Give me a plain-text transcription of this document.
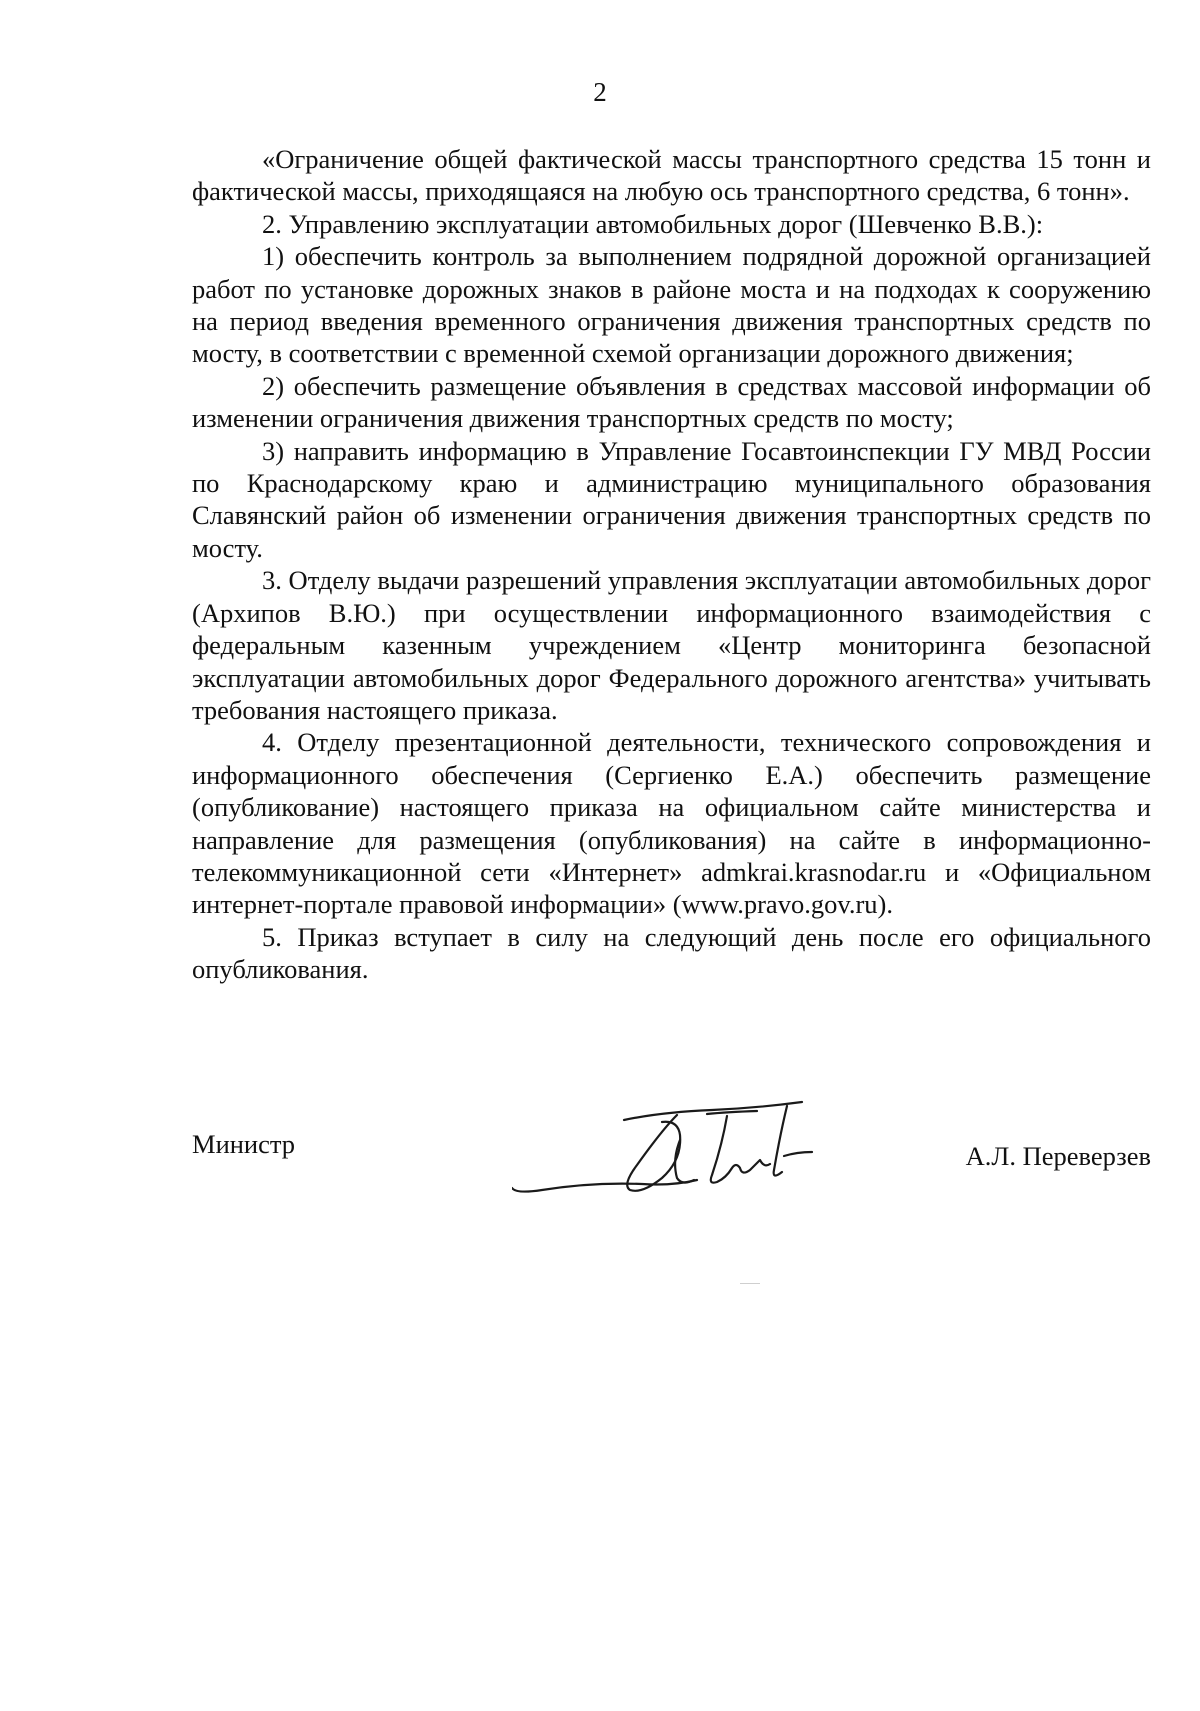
2

«Ограничение общей фактической массы транспортного средства 15 тонн и фактической массы, приходящаяся на любую ось транспортного средства, 6 тонн».

2. Управлению эксплуатации автомобильных дорог (Шевченко В.В.):

1) обеспечить контроль за выполнением подрядной дорожной организацией работ по установке дорожных знаков в районе моста и на подходах к сооружению на период введения временного ограничения движения транспортных средств по мосту, в соответствии с временной схемой организации дорожного движения;

2) обеспечить размещение объявления в средствах массовой информации об изменении ограничения движения транспортных средств по мосту;

3) направить информацию в Управление Госавтоинспекции ГУ МВД России по Краснодарскому краю и администрацию муниципального образования Славянский район об изменении ограничения движения транспортных средств по мосту.

3. Отделу выдачи разрешений управления эксплуатации автомобильных дорог (Архипов В.Ю.) при осуществлении информационного взаимодействия с федеральным казенным учреждением «Центр мониторинга безопасной эксплуатации автомобильных дорог Федерального дорожного агентства» учитывать требования настоящего приказа.

4. Отделу презентационной деятельности, технического сопровождения и информационного обеспечения (Сергиенко Е.А.) обеспечить размещение (опубликование) настоящего приказа на официальном сайте министерства и направление для размещения (опубликования) на сайте в информационно-телекоммуникационной сети «Интернет» admkrai.krasnodar.ru и «Официальном интернет-портале правовой информации» (www.pravo.gov.ru).

5. Приказ вступает в силу на следующий день после его официального опубликования.

Министр	А.Л. Переверзев
